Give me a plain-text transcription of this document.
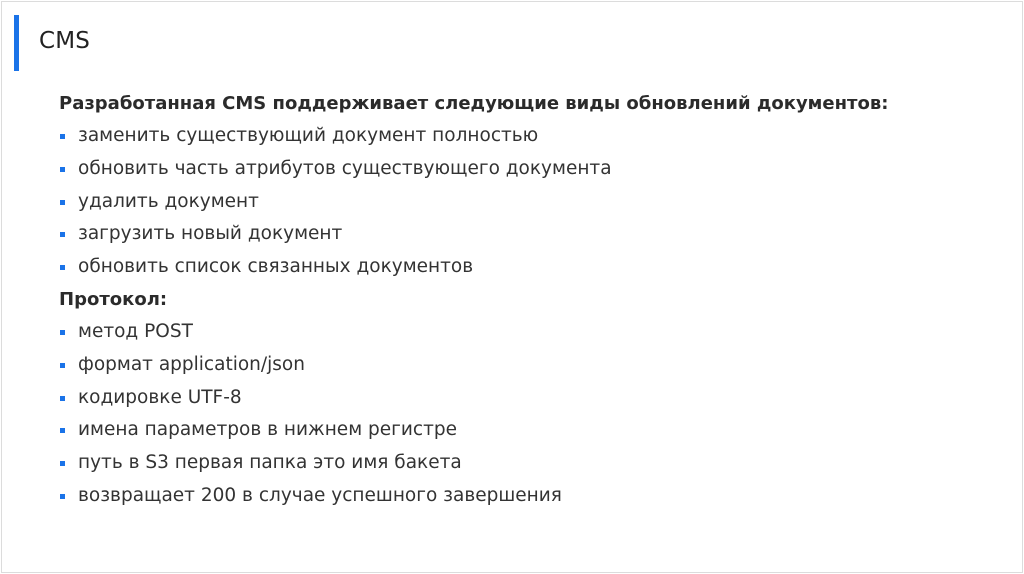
CMS
Разработанная CMS поддерживает следующие виды обновлений документов:
заменить существующий документ полностью
обновить часть атрибутов существующего документа
удалить документ
загрузить новый документ
обновить список связанных документов
Протокол:
метод POST
формат application/json
кодировке UTF-8
имена параметров в нижнем регистре
путь в S3 первая папка это имя бакета
возвращает 200 в случае успешного завершения
